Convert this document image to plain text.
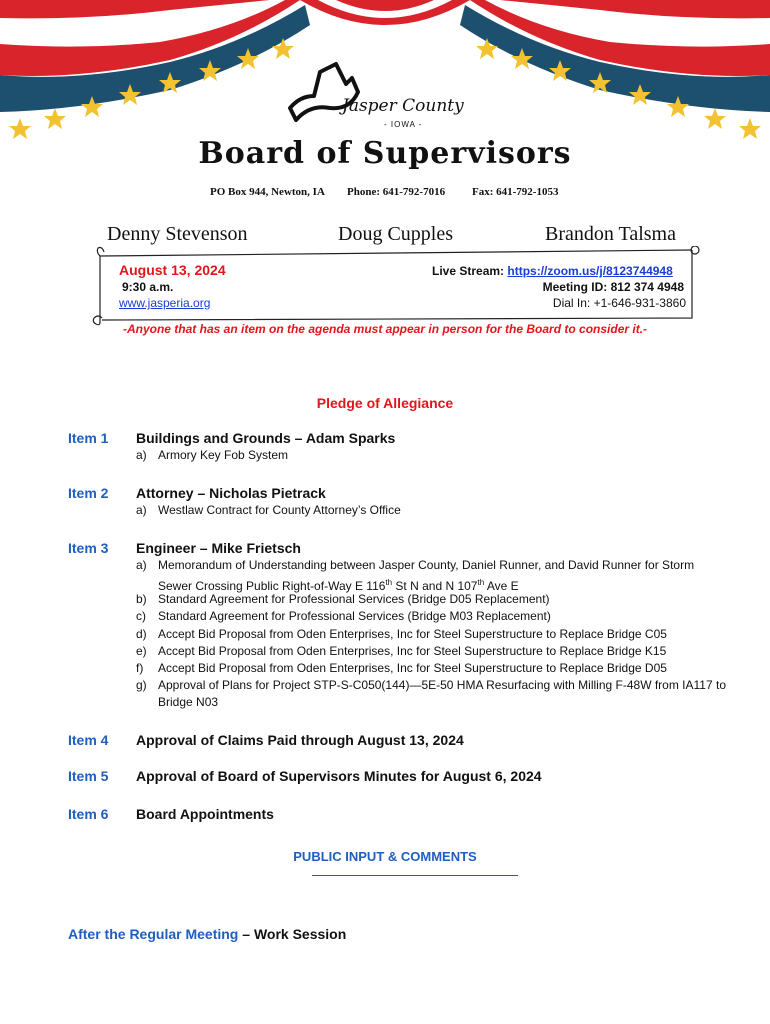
Jasper County
- IOWA -
Board of Supervisors
PO Box 944, Newton, IA Phone: 641-792-7016 Fax: 641-792-1053
Denny Stevenson	Doug Cupples	Brandon Talsma
August 13, 2024
9:30 a.m.
www.jasperia.org
Live Stream: https://zoom.us/j/8123744948
Meeting ID: 812 374 4948
Dial In: +1-646-931-3860
-Anyone that has an item on the agenda must appear in person for the Board to consider it.-
Pledge of Allegiance
Item 1 Buildings and Grounds – Adam Sparks
a) Armory Key Fob System
Item 2 Attorney – Nicholas Pietrack
a) Westlaw Contract for County Attorney’s Office
Item 3 Engineer – Mike Frietsch
a) Memorandum of Understanding between Jasper County, Daniel Runner, and David Runner for Storm Sewer Crossing Public Right-of-Way E 116th St N and N 107th Ave E
b) Standard Agreement for Professional Services (Bridge D05 Replacement)
c) Standard Agreement for Professional Services (Bridge M03 Replacement)
d) Accept Bid Proposal from Oden Enterprises, Inc for Steel Superstructure to Replace Bridge C05
e) Accept Bid Proposal from Oden Enterprises, Inc for Steel Superstructure to Replace Bridge K15
f) Accept Bid Proposal from Oden Enterprises, Inc for Steel Superstructure to Replace Bridge D05
g) Approval of Plans for Project STP-S-C050(144)—5E-50 HMA Resurfacing with Milling F-48W from IA117 to Bridge N03
Item 4 Approval of Claims Paid through August 13, 2024
Item 5 Approval of Board of Supervisors Minutes for August 6, 2024
Item 6 Board Appointments
PUBLIC INPUT & COMMENTS
After the Regular Meeting – Work Session
